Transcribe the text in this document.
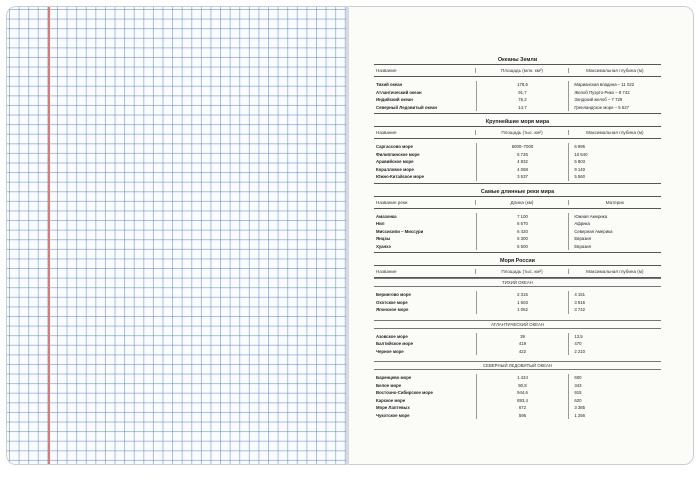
Океаны Земли
Название	Площадь (млн. км²)	Максимальная глубина (м)
Тихий океан	178,6	Марианская впадина – 11 022
Атлантический океан	91,7	Желоб Пуэрто-Рико – 8 742
Индийский океан	76,2	Зондский желоб – 7 729
Северный Ледовитый океан	14,7	Гренландское море – 5 527
Крупнейшие моря мира
Название	Площадь (тыс. км²)	Максимальная глубина (м)
Саргассово море	6000–7000	6 995
Филиппинское море	5 726	10 540
Аравийское море	4 832	5 803
Коралловое море	4 068	9 140
Южно-Китайское море	3 537	5 560
Самые длинные реки мира
Название реки	Длина (км)	Материк
Амазонка	7 100	Южная Америка
Нил	6 670	Африка
Миссисипи – Миссури	6 420	Северная Америка
Янцзы	6 300	Евразия
Хуанхэ	5 500	Евразия
Моря России
Название	Площадь (тыс. км²)	Максимальная глубина (м)
ТИХИЙ ОКЕАН
Берингово море	2 315	4 151
Охотское море	1 603	3 916
Японское море	1 062	3 742
АТЛАНТИЧЕСКИЙ ОКЕАН
Азовское море	39	13,5
Балтийское море	419	470
Черное море	422	2 210
СЕВЕРНЫЙ ЛЕДОВИТЫЙ ОКЕАН
Баренцево море	1 424	600
Белое море	90,8	343
Восточно-Сибирское море	944,6	915
Карское море	893,4	620
Море Лаптевых	672	3 385
Чукотское море	595	1 256
